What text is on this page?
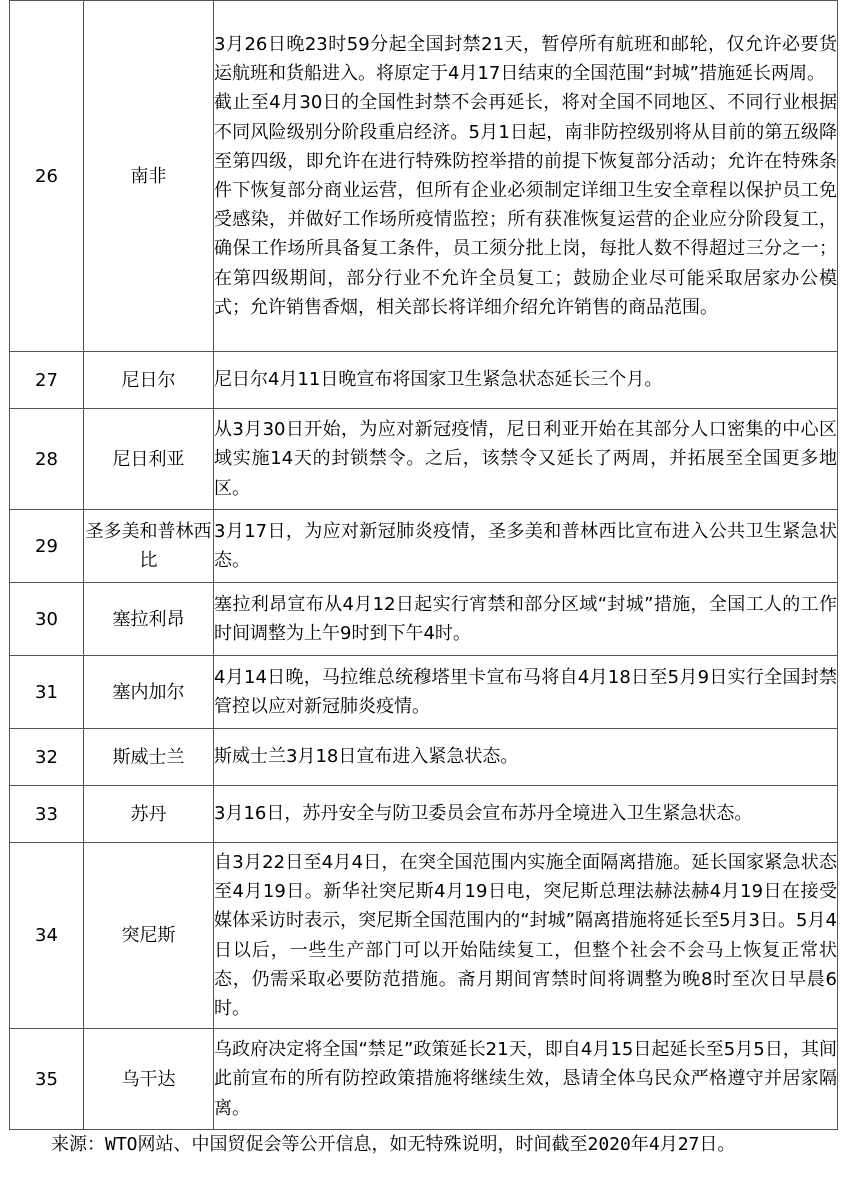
26	南非	3月26日晚23时59分起全国封禁21天，暂停所有航班和邮轮，仅允许必要货运航班和货船进入。将原定于4月17日结束的全国范围“封城”措施延长两周。

截止至4月30日的全国性封禁不会再延长，将对全国不同地区、不同行业根据不同风险级别分阶段重启经济。5月1日起，南非防控级别将从目前的第五级降至第四级，即允许在进行特殊防控举措的前提下恢复部分活动；允许在特殊条件下恢复部分商业运营，但所有企业必须制定详细卫生安全章程以保护员工免受感染，并做好工作场所疫情监控；所有获准恢复运营的企业应分阶段复工，确保工作场所具备复工条件，员工须分批上岗，每批人数不得超过三分之一；在第四级期间，部分行业不允许全员复工；鼓励企业尽可能采取居家办公模式；允许销售香烟，相关部长将详细介绍允许销售的商品范围。

27	尼日尔	尼日尔4月11日晚宣布将国家卫生紧急状态延长三个月。

28	尼日利亚	从3月30日开始，为应对新冠疫情，尼日利亚开始在其部分人口密集的中心区域实施14天的封锁禁令。之后，该禁令又延长了两周，并拓展至全国更多地区。

29	圣多美和普林西比	3月17日，为应对新冠肺炎疫情，圣多美和普林西比宣布进入公共卫生紧急状态。

30	塞拉利昂	塞拉利昂宣布从4月12日起实行宵禁和部分区域“封城”措施，全国工人的工作时间调整为上午9时到下午4时。

31	塞内加尔	4月14日晚，马拉维总统穆塔里卡宣布马将自4月18日至5月9日实行全国封禁管控以应对新冠肺炎疫情。

32	斯威士兰	斯威士兰3月18日宣布进入紧急状态。

33	苏丹	3月16日，苏丹安全与防卫委员会宣布苏丹全境进入卫生紧急状态。

34	突尼斯	自3月22日至4月4日，在突全国范围内实施全面隔离措施。延长国家紧急状态至4月19日。新华社突尼斯4月19日电，突尼斯总理法赫法赫4月19日在接受媒体采访时表示，突尼斯全国范围内的“封城”隔离措施将延长至5月3日。5月4日以后，一些生产部门可以开始陆续复工，但整个社会不会马上恢复正常状态，仍需采取必要防范措施。斋月期间宵禁时间将调整为晚8时至次日早晨6时。

35	乌干达	乌政府决定将全国“禁足”政策延长21天，即自4月15日起延长至5月5日，其间此前宣布的所有防控政策措施将继续生效，恳请全体乌民众严格遵守并居家隔离。

来源：WTO网站、中国贸促会等公开信息，如无特殊说明，时间截至2020年4月27日。
